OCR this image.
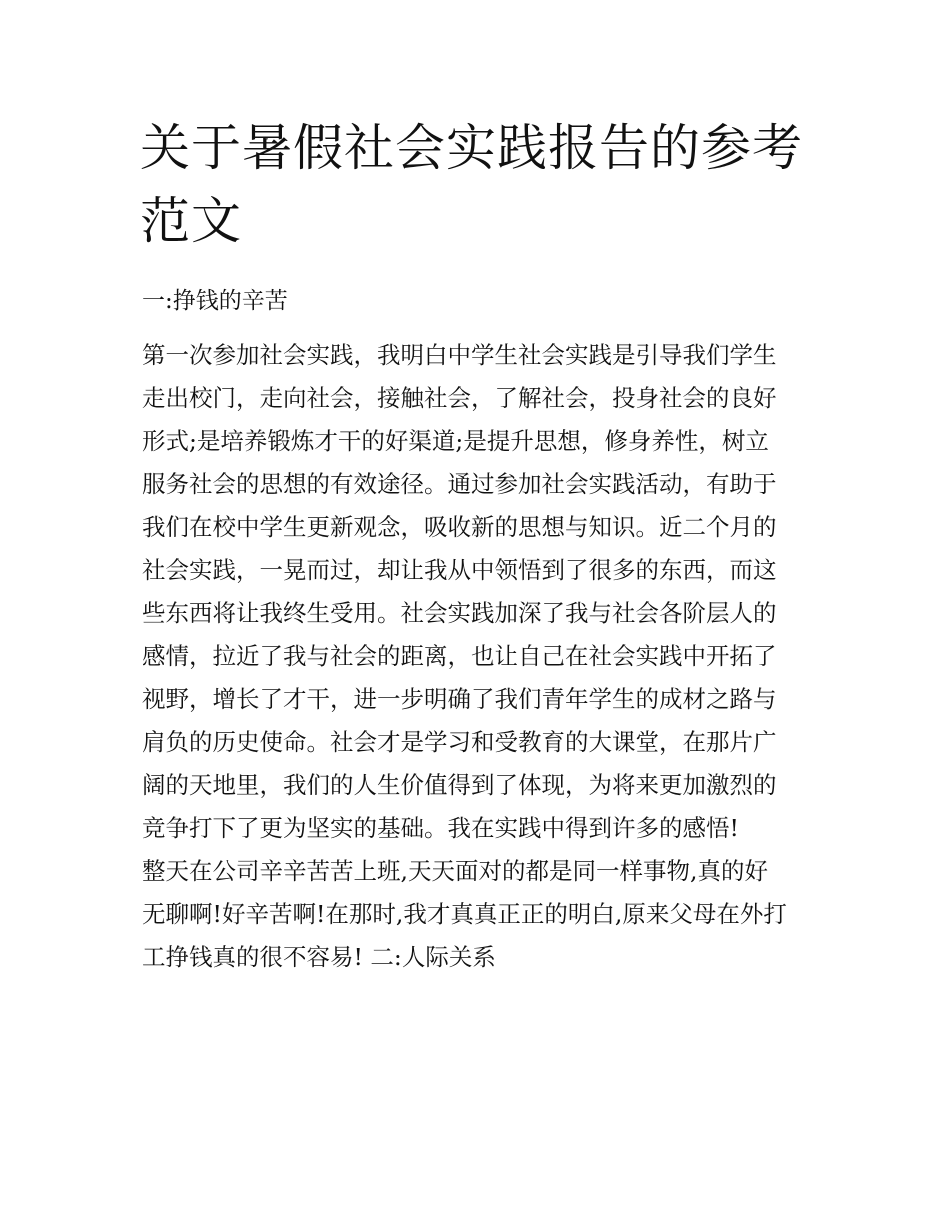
关于暑假社会实践报告的参考范文

一:挣钱的辛苦

第一次参加社会实践，我明白中学生社会实践是引导我们学生
走出校门，走向社会，接触社会，了解社会，投身社会的良好
形式;是培养锻炼才干的好渠道;是提升思想，修身养性，树立
服务社会的思想的有效途径。通过参加社会实践活动，有助于
我们在校中学生更新观念，吸收新的思想与知识。近二个月的
社会实践，一晃而过，却让我从中领悟到了很多的东西，而这
些东西将让我终生受用。社会实践加深了我与社会各阶层人的
感情，拉近了我与社会的距离，也让自己在社会实践中开拓了
视野，增长了才干，进一步明确了我们青年学生的成材之路与
肩负的历史使命。社会才是学习和受教育的大课堂，在那片广
阔的天地里，我们的人生价值得到了体现，为将来更加激烈的
竞争打下了更为坚实的基础。我在实践中得到许多的感悟!
整天在公司辛辛苦苦上班,天天面对的都是同一样事物,真的好
无聊啊!好辛苦啊!在那时,我才真真正正的明白,原来父母在外打
工挣钱真的很不容易! 二:人际关系
